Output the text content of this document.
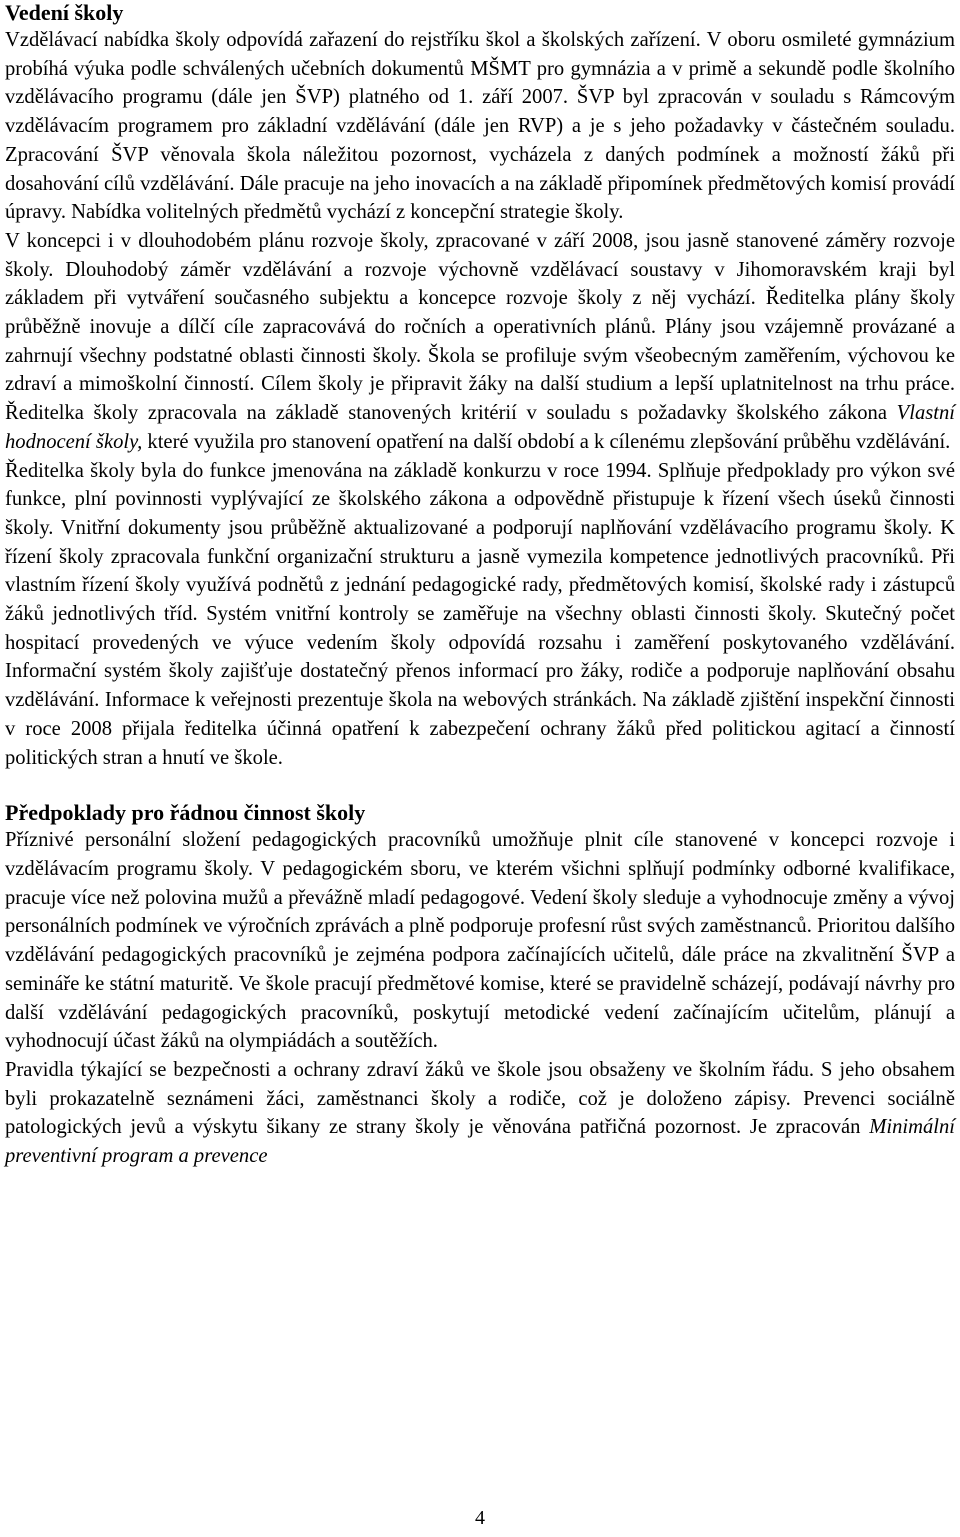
Vedení školy

Vzdělávací nabídka školy odpovídá zařazení do rejstříku škol a školských zařízení. V oboru osmileté gymnázium probíhá výuka podle schválených učebních dokumentů MŠMT pro gymnázia a v primě a sekundě podle školního vzdělávacího programu (dále jen ŠVP) platného od 1. září 2007. ŠVP byl zpracován v souladu s Rámcovým vzdělávacím programem pro základní vzdělávání (dále jen RVP) a je s jeho požadavky v částečném souladu. Zpracování ŠVP věnovala škola náležitou pozornost, vycházela z daných podmínek a možností žáků při dosahování cílů vzdělávání. Dále pracuje na jeho inovacích a na základě připomínek předmětových komisí provádí úpravy. Nabídka volitelných předmětů vychází z koncepční strategie školy.

V koncepci i v dlouhodobém plánu rozvoje školy, zpracované v září 2008, jsou jasně stanovené záměry rozvoje školy. Dlouhodobý záměr vzdělávání a rozvoje výchovně vzdělávací soustavy v Jihomoravském kraji byl základem při vytváření současného subjektu a koncepce rozvoje školy z něj vychází. Ředitelka plány školy průběžně inovuje a dílčí cíle zapracovává do ročních a operativních plánů. Plány jsou vzájemně provázané a zahrnují všechny podstatné oblasti činnosti školy. Škola se profiluje svým všeobecným zaměřením, výchovou ke zdraví a mimoškolní činností. Cílem školy je připravit žáky na další studium a lepší uplatnitelnost na trhu práce. Ředitelka školy zpracovala na základě stanovených kritérií v souladu s požadavky školského zákona Vlastní hodnocení školy, které využila pro stanovení opatření na další období a k cílenému zlepšování průběhu vzdělávání.

Ředitelka školy byla do funkce jmenována na základě konkurzu v roce 1994. Splňuje předpoklady pro výkon své funkce, plní povinnosti vyplývající ze školského zákona a odpovědně přistupuje k řízení všech úseků činnosti školy. Vnitřní dokumenty jsou průběžně aktualizované a podporují naplňování vzdělávacího programu školy. K řízení školy zpracovala funkční organizační strukturu a jasně vymezila kompetence jednotlivých pracovníků. Při vlastním řízení školy využívá podnětů z jednání pedagogické rady, předmětových komisí, školské rady i zástupců žáků jednotlivých tříd. Systém vnitřní kontroly se zaměřuje na všechny oblasti činnosti školy. Skutečný počet hospitací provedených ve výuce vedením školy odpovídá rozsahu i zaměření poskytovaného vzdělávání. Informační systém školy zajišťuje dostatečný přenos informací pro žáky, rodiče a podporuje naplňování obsahu vzdělávání. Informace k veřejnosti prezentuje škola na webových stránkách. Na základě zjištění inspekční činnosti v roce 2008 přijala ředitelka účinná opatření k zabezpečení ochrany žáků před politickou agitací a činností politických stran a hnutí ve škole.

Předpoklady pro řádnou činnost školy

Příznivé personální složení pedagogických pracovníků umožňuje plnit cíle stanovené v koncepci rozvoje i vzdělávacím programu školy. V pedagogickém sboru, ve kterém všichni splňují podmínky odborné kvalifikace, pracuje více než polovina mužů a převážně mladí pedagogové. Vedení školy sleduje a vyhodnocuje změny a vývoj personálních podmínek ve výročních zprávách a plně podporuje profesní růst svých zaměstnanců. Prioritou dalšího vzdělávání pedagogických pracovníků je zejména podpora začínajících učitelů, dále práce na zkvalitnění ŠVP a semináře ke státní maturitě. Ve škole pracují předmětové komise, které se pravidelně scházejí, podávají návrhy pro další vzdělávání pedagogických pracovníků, poskytují metodické vedení začínajícím učitelům, plánují a vyhodnocují účast žáků na olympiádách a soutěžích.

Pravidla týkající se bezpečnosti a ochrany zdraví žáků ve škole jsou obsaženy ve školním řádu. S jeho obsahem byli prokazatelně seznámeni žáci, zaměstnanci školy a rodiče, což je doloženo zápisy. Prevenci sociálně patologických jevů a výskytu šikany ze strany školy je věnována patřičná pozornost. Je zpracován Minimální preventivní program a prevence

4
